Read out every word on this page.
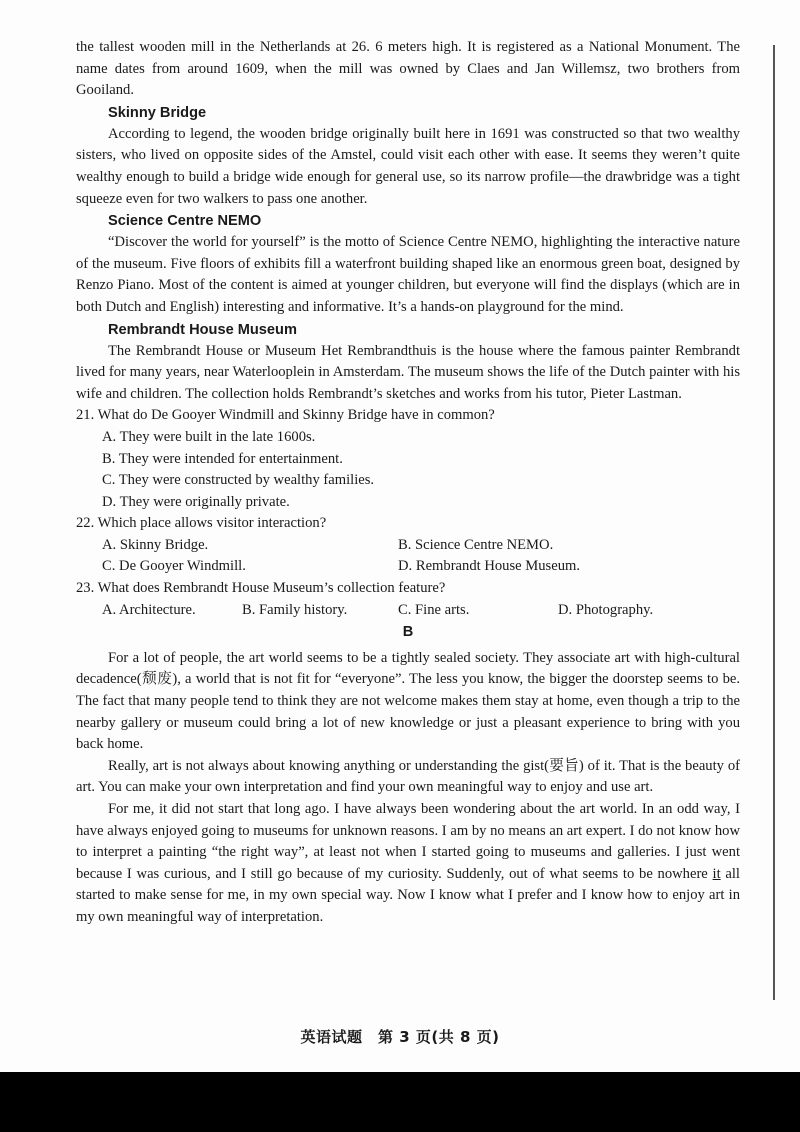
the tallest wooden mill in the Netherlands at 26. 6 meters high. It is registered as a National Monument. The name dates from around 1609, when the mill was owned by Claes and Jan Willemsz, two brothers from Gooiland.

Skinny Bridge

According to legend, the wooden bridge originally built here in 1691 was constructed so that two wealthy sisters, who lived on opposite sides of the Amstel, could visit each other with ease. It seems they weren’t quite wealthy enough to build a bridge wide enough for general use, so its narrow profile—the drawbridge was a tight squeeze even for two walkers to pass one another.

Science Centre NEMO

“Discover the world for yourself” is the motto of Science Centre NEMO, highlighting the interactive nature of the museum. Five floors of exhibits fill a waterfront building shaped like an enormous green boat, designed by Renzo Piano. Most of the content is aimed at younger children, but everyone will find the displays (which are in both Dutch and English) interesting and informative. It’s a hands-on playground for the mind.

Rembrandt House Museum

The Rembrandt House or Museum Het Rembrandthuis is the house where the famous painter Rembrandt lived for many years, near Waterlooplein in Amsterdam. The museum shows the life of the Dutch painter with his wife and children. The collection holds Rembrandt’s sketches and works from his tutor, Pieter Lastman.

21. What do De Gooyer Windmill and Skinny Bridge have in common?

A. They were built in the late 1600s.

B. They were intended for entertainment.

C. They were constructed by wealthy families.

D. They were originally private.

22. Which place allows visitor interaction?

A. Skinny Bridge.	B. Science Centre NEMO.
C. De Gooyer Windmill.	D. Rembrandt House Museum.

23. What does Rembrandt House Museum’s collection feature?

A. Architecture.	B. Family history.	C. Fine arts.	D. Photography.
B

For a lot of people, the art world seems to be a tightly sealed society. They associate art with high-cultural decadence(颓废), a world that is not fit for “everyone”. The less you know, the bigger the doorstep seems to be. The fact that many people tend to think they are not welcome makes them stay at home, even though a trip to the nearby gallery or museum could bring a lot of new knowledge or just a pleasant experience to bring with you back home.

Really, art is not always about knowing anything or understanding the gist(要旨) of it. That is the beauty of art. You can make your own interpretation and find your own meaningful way to enjoy and use art.

For me, it did not start that long ago. I have always been wondering about the art world. In an odd way, I have always enjoyed going to museums for unknown reasons. I am by no means an art expert. I do not know how to interpret a painting “the right way”, at least not when I started going to museums and galleries. I just went because I was curious, and I still go because of my curiosity. Suddenly, out of what seems to be nowhere it all started to make sense for me, in my own special way. Now I know what I prefer and I know how to enjoy art in my own meaningful way of interpretation.

英语试题　第 3 页(共 8 页)
